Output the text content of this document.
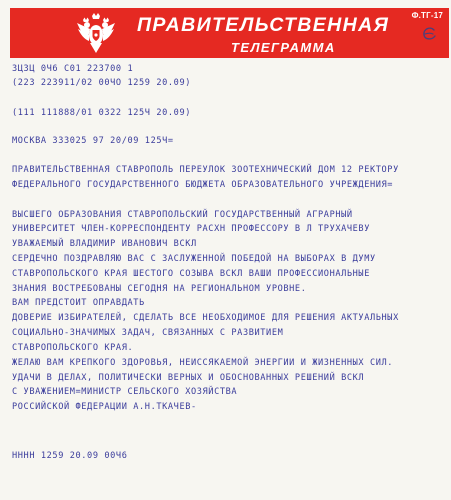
Ф.ТГ-17
ПРАВИТЕЛЬСТВЕННАЯ
ТЕЛЕГРАММА
3ЦЗЦ 0Ч6 С01 223700 1
(223 223911/02 00ЧО 1259 20.09)
(111 111888/01 0З22 125Ч 20.09)
МОСКВА 333025 97 20/09 125Ч=
ПРАВИТЕЛЬСТВЕННАЯ СТАВРОПОЛЬ ПЕРЕУЛОК ЗООТЕХНИЧЕСКИЙ ДОМ 12 РЕКТОРУ
ФЕДЕРАЛЬНОГО ГОСУДАРСТВЕННОГО БЮДЖЕТА ОБРАЗОВАТЕЛЬНОГО УЧРЕЖДЕНИЯ=
ВЫСШЕГО ОБРАЗОВАНИЯ СТАВРОПОЛЬСКИЙ ГОСУДАРСТВЕННЫЙ АГРАРНЫЙ
УНИВЕРСИТЕТ ЧЛЕН-КОРРЕСПОНДЕНТУ РАСХН ПРОФЕССОРУ В Л ТРУХАЧЕВУ
УВАЖАЕМЫЙ ВЛАДИМИР ИВАНОВИЧ ВСКЛ
СЕРДЕЧНО ПОЗДРАВЛЯЮ ВАС С ЗАСЛУЖЕННОЙ ПОБЕДОЙ НА ВЫБОРАХ В ДУМУ
СТАВРОПОЛЬСКОГО КРАЯ ШЕСТОГО СОЗЫВА ВСКЛ ВАШИ ПРОФЕССИОНАЛЬНЫЕ
ЗНАНИЯ ВОСТРЕБОВАНЫ СЕГОДНЯ НА РЕГИОНАЛЬНОМ УРОВНЕ.
ВАМ ПРЕДСТОИТ ОПРАВДАТЬ
ДОВЕРИЕ ИЗБИРАТЕЛЕЙ, СДЕЛАТЬ ВСЕ НЕОБХОДИМОЕ ДЛЯ РЕШЕНИЯ АКТУАЛЬНЫХ
СОЦИАЛЬНО-ЗНАЧИМЫХ ЗАДАЧ, СВЯЗАННЫХ С РАЗВИТИЕМ
СТАВРОПОЛЬСКОГО КРАЯ.
ЖЕЛАЮ ВАМ КРЕПКОГО ЗДОРОВЬЯ, НЕИССЯКАЕМОЙ ЭНЕРГИИ И ЖИЗНЕННЫХ СИЛ.
УДАЧИ В ДЕЛАХ, ПОЛИТИЧЕСКИ ВЕРНЫХ И ОБОСНОВАННЫХ РЕШЕНИЙ ВСКЛ
С УВАЖЕНИЕМ=МИНИСТР СЕЛЬСКОГО ХОЗЯЙСТВА
РОССИЙСКОЙ ФЕДЕРАЦИИ А.Н.ТКАЧЕВ-
НННН 1259 20.09 00Ч6
